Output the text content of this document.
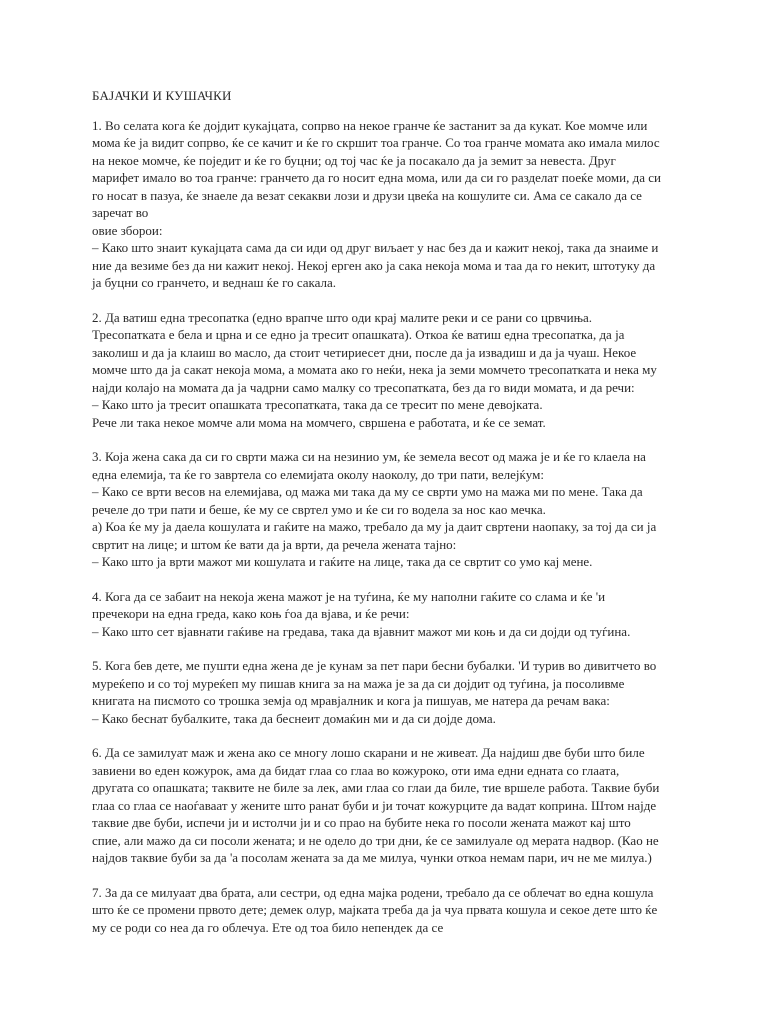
БАЈАЧКИ И КУШАЧКИ

1. Во селата кога ќе дојдит кукајцата, сопрво на некое гранче ќе застанит за да кукат. Кое момче или мома ќе ја видит сопрво, ќе се качит и ќе го скршит тоа гранче. Со тоа гранче момата ако имала милос на некое момче, ќе поједит и ќе го буцни; од тој час ќе ја посакало да ја земит за невеста. Друг марифет имало во тоа гранче: гранчето да го носит една мома, или да си го разделат поеќе моми, да си го носат в пазуа, ќе знаеле да везат секакви лози и друзи цвеќа на кошулите си. Ама се сакало да се заречат во
овие зборои:
– Како што знаит кукајцата сама да си иди од друг виљает у нас без да и кажит некој, така да знаиме и ние да везиме без да ни кажит некој. Некој ерген ако ја сака некоја мома и таа да го некит, штотуку да ја буцни со гранчето, и веднаш ќе го сакала.

2. Да ватиш една тресопатка (едно врапче што оди крај малите реки и се рани со црвчиња. Тресопатката е бела и црна и се едно ја тресит опашката). Откоа ќе ватиш една тресопатка, да ја заколиш и да ја клаиш во масло, да стоит четириесет дни, после да ја извадиш и да ја чуаш. Некое момче што да ја сакат некоја мома, а момата ако го неќи, нека ја земи момчето тресопатката и нека му најди колајо на момата да ја чадрни само малку со тресопатката, без да го види момата, и да речи:
– Како што ја тресит опашката тресопатката, така да се тресит по мене девојката.
Рече ли така некое момче али мома на момчего, свршена е работата, и ќе се земат.

3. Која жена сака да си го сврти мажа си на незинио ум, ќе земела весот од мажа је и ќе го клаела на една елемија, та ќе го завртела со елемијата околу наоколу, до три пати, велејќум:
– Како се врти весов на елемијава, од мажа ми така да му се сврти умо на мажа ми по мене. Така да речеле до три пати и беше, ќе му се свртел умо и ќе си го водела за нос као мечка.
a) Коа ќе му ја даела кошулата и гаќите на мажо, требало да му ја даит свртени наопаку, за тој да си ја свртит на лице; и штом ќе вати да ја врти, да речела жената тајно:
– Како што ја врти мажот ми кошулата и гаќите на лице, така да се свртит со умо кај мене.

4. Кога да се забаит на некоја жена мажот је на туѓина, ќе му наполни гаќите со слама и ќе 'и пречекори на една греда, како коњ ѓоа да вјава, и ќе речи:
– Како што сет вјавнати гаќиве на гредава, така да вјавнит мажот ми коњ и да си дојди од туѓина.

5. Кога бев дете, ме пушти една жена де је кунам за пет пари бесни бубалки. 'И турив во дивитчето во муреќепо и со тој муреќеп му пишав книга за на мажа је за да си дојдит од туѓина, ја посоливме книгата на писмото со трошка земја од мравјалник и кога ја пишуав, ме натера да речам вака:
– Како беснат бубалките, така да беснеит домаќин ми и да си дојде дома.

6. Да се замилуат маж и жена ако се многу лошо скарани и не живеат. Да најдиш две буби што биле завиени во еден кожурок, ама да бидат глаа со глаа во кожуроко, оти има едни едната со глаата, другата со опашката; таквите не биле за лек, ами глаа со глаи да биле, тие вршеле работа. Таквие буби глаа со глаа се наоѓаваат у жените што ранат буби и ји точат кожурците да вадат коприна. Штом најде таквие две буби, испечи ји и истолчи ји и со прао на бубите нека го посоли жената мажот кај што спие, али мажо да си посоли жената; и не одело до три дни, ќе се замилуале од мерата надвор. (Као не најдов таквие буби за да 'а посолам жената за да ме милуа, чунки откоа немам пари, ич не ме милуа.)

7. За да се милуаат два брата, али сестри, од една мајка родени, требало да се облечат во една кошула што ќе се промени првото дете; демек олур, мајката треба да ја чуа првата кошула и секое дете што ќе му се роди со неа да го облечуа. Ете од тоа било непендек да се
